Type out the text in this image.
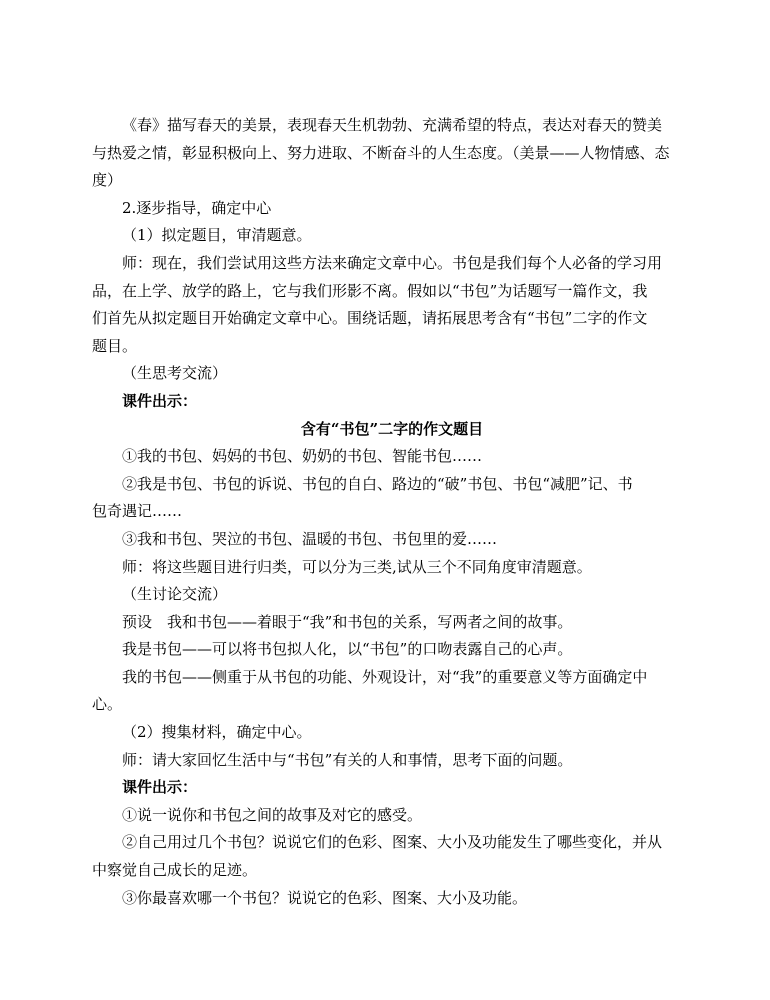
《春》描写春天的美景，表现春天生机勃勃、充满希望的特点，表达对春天的赞美
与热爱之情，彰显积极向上、努力进取、不断奋斗的人生态度。（美景——人物情感、态
度）
2.逐步指导，确定中心
（1）拟定题目，审清题意。
师：现在，我们尝试用这些方法来确定文章中心。书包是我们每个人必备的学习用
品，在上学、放学的路上，它与我们形影不离。假如以“书包”为话题写一篇作文，我
们首先从拟定题目开始确定文章中心。围绕话题，请拓展思考含有“书包”二字的作文
题目。
（生思考交流）
课件出示：
含有“书包”二字的作文题目
①我的书包、妈妈的书包、奶奶的书包、智能书包……
②我是书包、书包的诉说、书包的自白、路边的“破”书包、书包“减肥”记、书
包奇遇记……
③我和书包、哭泣的书包、温暖的书包、书包里的爱……
师：将这些题目进行归类，可以分为三类,试从三个不同角度审清题意。
（生讨论交流）
预设　我和书包——着眼于“我”和书包的关系，写两者之间的故事。
我是书包——可以将书包拟人化，以“书包”的口吻表露自己的心声。
我的书包——侧重于从书包的功能、外观设计，对“我”的重要意义等方面确定中
心。
（2）搜集材料，确定中心。
师：请大家回忆生活中与“书包”有关的人和事情，思考下面的问题。
课件出示：
①说一说你和书包之间的故事及对它的感受。
②自己用过几个书包？说说它们的色彩、图案、大小及功能发生了哪些变化，并从
中察觉自己成长的足迹。
③你最喜欢哪一个书包？说说它的色彩、图案、大小及功能。
